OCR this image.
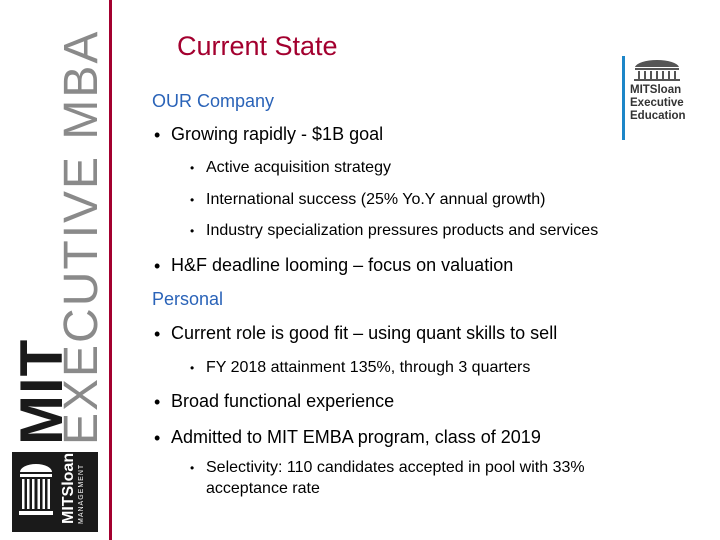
MIT
EXECUTIVE MBA
MITSloan MANAGEMENT
Current State
MITSloan
Executive
Education
OUR Company
• Growing rapidly - $1B goal
• Active acquisition strategy
• International success (25% Yo.Y annual growth)
• Industry specialization pressures products and services
• H&F deadline looming – focus on valuation
Personal
• Current role is good fit – using quant skills to sell
• FY 2018 attainment 135%, through 3 quarters
• Broad functional experience
• Admitted to MIT EMBA program, class of 2019
• Selectivity: 110 candidates accepted in pool with 33%
acceptance rate
